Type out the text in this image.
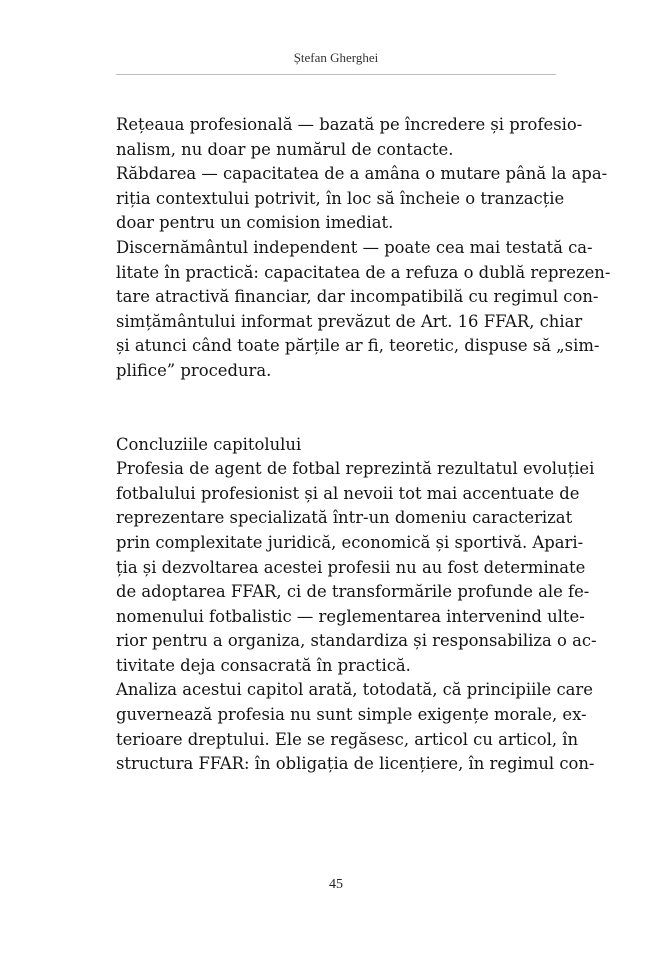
Ștefan Gherghei
Rețeaua profesională — bazată pe încredere și profesio-
nalism, nu doar pe numărul de contacte.
Răbdarea — capacitatea de a amâna o mutare până la apa-
riția contextului potrivit, în loc să încheie o tranzacție
doar pentru un comision imediat.
Discernământul independent — poate cea mai testată ca-
litate în practică: capacitatea de a refuza o dublă reprezen-
tare atractivă financiar, dar incompatibilă cu regimul con-
simțământului informat prevăzut de Art. 16 FFAR, chiar
și atunci când toate părțile ar fi, teoretic, dispuse să „sim-
plifice” procedura.
Concluziile capitolului
Profesia de agent de fotbal reprezintă rezultatul evoluției
fotbalului profesionist și al nevoii tot mai accentuate de
reprezentare specializată într-un domeniu caracterizat
prin complexitate juridică, economică și sportivă. Apari-
ția și dezvoltarea acestei profesii nu au fost determinate
de adoptarea FFAR, ci de transformările profunde ale fe-
nomenului fotbalistic — reglementarea intervenind ulte-
rior pentru a organiza, standardiza și responsabiliza o ac-
tivitate deja consacrată în practică.
Analiza acestui capitol arată, totodată, că principiile care
guvernează profesia nu sunt simple exigențe morale, ex-
terioare dreptului. Ele se regăsesc, articol cu articol, în
structura FFAR: în obligația de licențiere, în regimul con-
45
